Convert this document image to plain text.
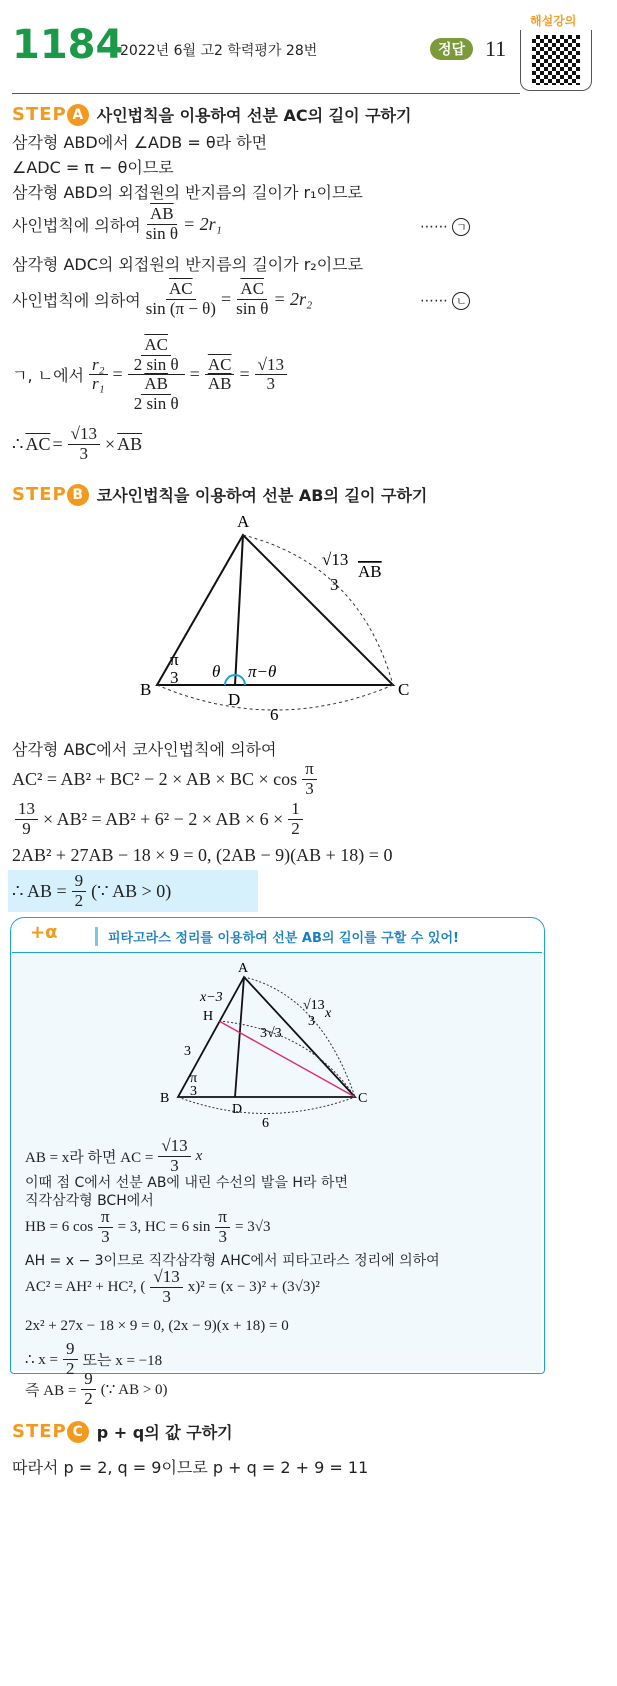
1184
2022년 6월 고2 학력평가 28번	정답 11
해설강의
STEP A 사인법칙을 이용하여 선분 AC의 길이 구하기
삼각형 ABD에서 ∠ADB = θ라 하면
∠ADC = π − θ이므로
삼각형 ABD의 외접원의 반지름의 길이가 r₁이므로
사인법칙에 의하여 $\frac{\overline{AB}}{\text{sin θ}} = 2r_1$	⋯⋯ ㄱ
삼각형 ADC의 외접원의 반지름의 길이가 r₂이므로
사인법칙에 의하여 $\frac{\overline{AC}}{\sin (\pi - \theta)} = \frac{\overline{AC}}{\text{sin θ}} = 2r_2$	⋯⋯ ㄴ
ㄱ, ㄴ에서 $\frac{\text{r₂}}{\text{r₁}} = \frac{\frac{\overline{AC}}{\text{2 sin θ}}}{\frac{\overline{AB}}{\text{2 sin θ}}} = \frac{\overline{AC}}{AB} = \frac{√13}{3}$
∴ $\overline{AC} = \frac{√13}{3} \times \overline{AB}$
STEP B 코사인법칙을 이용하여 선분 AB의 길이 구하기
A
B	C
D
π
3 θ π−θ
6
√13
3
AB
삼각형 ABC에서 코사인법칙에 의하여
AC² = AB² + BC² − 2 × AB × BC × cos
π
3
$\frac{13}{9} \times AB^2 = AB^2 + 6^2 - 2$ × AB × $6 \times \frac{1}{2}$
2AB² + 27AB − 18 × 9 = 0, (2AB − 9)(AB + 18) = 0
∴ AB = $\frac{9}{2}$ (∵ AB > 0)
+α	피타고라스 정리를 이용하여 선분 AB의 길이를 구할 수 있어!
A
B	C
D
H
x−3
3
3√3
π
3
6
√13
3
x
AB = x라 하면 AC = $\frac{√13}{3}$ x
이때 점 C에서 선분 AB에 내린 수선의 발을 H라 하면
직각삼각형 BCH에서
HB = 6 $\cos \frac{\pi}{3} = 3$, HC = 6 $\sin \frac{\pi}{3} = 3√3$
AH = x − 3이므로 직각삼각형 AHC에서 피타고라스 정리에 의하여
AC² = AH² + HC², (
√13
3 x)² = (x − 3)² + (3√3)²
2x² + 27x − 18 × 9 = 0, (2x − 9)(x + 18) = 0
∴ $x = \frac{9}{2}$ 또는 x = −18
즉 AB = $\frac{9}{2}$ (∵ AB > 0)
STEP C p + q의 값 구하기
따라서 p = 2, q = 9이므로 p + q = 2 + 9 = 11
